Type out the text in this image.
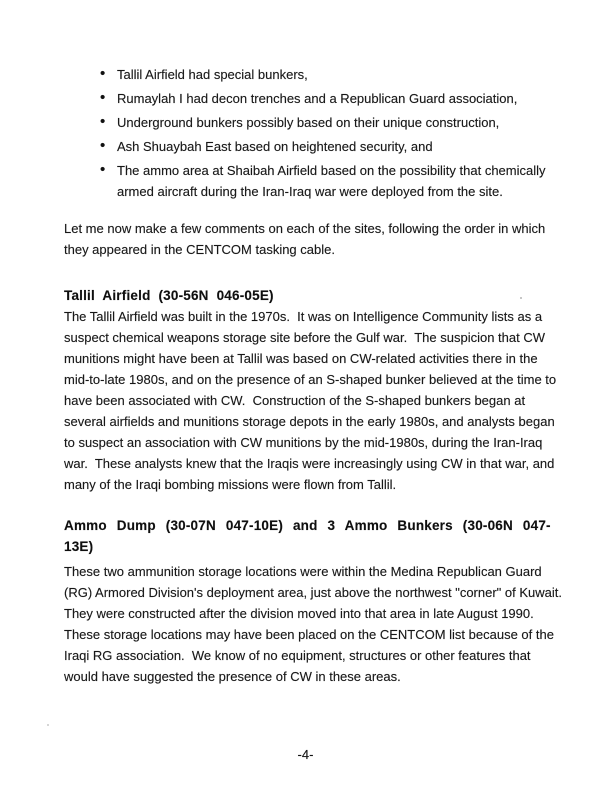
• Tallil Airfield had special bunkers,
• Rumaylah I had decon trenches and a Republican Guard association,
• Underground bunkers possibly based on their unique construction,
• Ash Shuaybah East based on heightened security, and
• The ammo area at Shaibah Airfield based on the possibility that chemically
armed aircraft during the Iran-Iraq war were deployed from the site.
Let me now make a few comments on each of the sites, following the order in which
they appeared in the CENTCOM tasking cable.
Tallil Airfield (30-56N 046-05E)
The Tallil Airfield was built in the 1970s.  It was on Intelligence Community lists as a
suspect chemical weapons storage site before the Gulf war.  The suspicion that CW
munitions might have been at Tallil was based on CW-related activities there in the
mid-to-late 1980s, and on the presence of an S-shaped bunker believed at the time to
have been associated with CW.  Construction of the S-shaped bunkers began at
several airfields and munitions storage depots in the early 1980s, and analysts began
to suspect an association with CW munitions by the mid-1980s, during the Iran-Iraq
war.  These analysts knew that the Iraqis were increasingly using CW in that war, and
many of the Iraqi bombing missions were flown from Tallil.
Ammo Dump (30-07N 047-10E) and 3 Ammo Bunkers (30-06N 047-13E)
These two ammunition storage locations were within the Medina Republican Guard
(RG) Armored Division's deployment area, just above the northwest "corner" of Kuwait.
They were constructed after the division moved into that area in late August 1990.
These storage locations may have been placed on the CENTCOM list because of the
Iraqi RG association.  We know of no equipment, structures or other features that
would have suggested the presence of CW in these areas.
-4-
